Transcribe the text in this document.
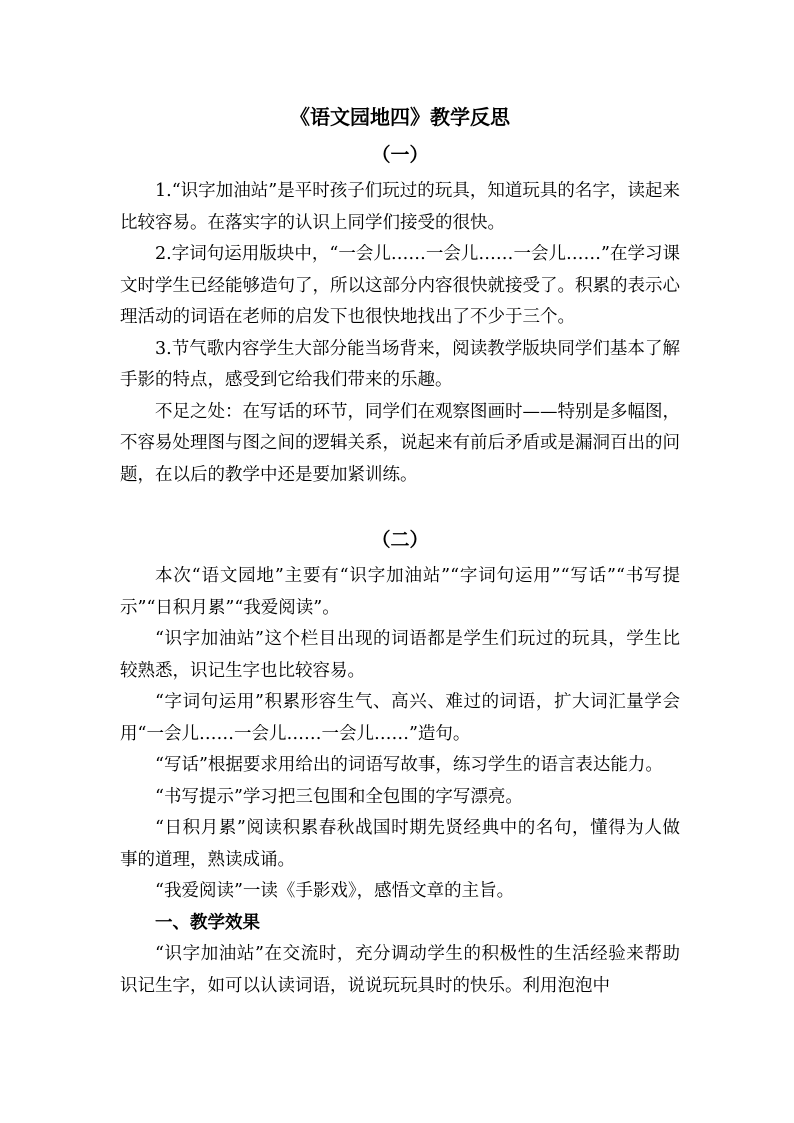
《语文园地四》教学反思
（一）

1.“识字加油站”是平时孩子们玩过的玩具，知道玩具的名字，读起来比较容易。在落实字的认识上同学们接受的很快。

2.字词句运用版块中，“一会儿……一会儿……一会儿……”在学习课文时学生已经能够造句了，所以这部分内容很快就接受了。积累的表示心理活动的词语在老师的启发下也很快地找出了不少于三个。

3.节气歌内容学生大部分能当场背来，阅读教学版块同学们基本了解手影的特点，感受到它给我们带来的乐趣。

不足之处：在写话的环节，同学们在观察图画时——特别是多幅图，不容易处理图与图之间的逻辑关系，说起来有前后矛盾或是漏洞百出的问题，在以后的教学中还是要加紧训练。

（二）

本次“语文园地”主要有“识字加油站”“字词句运用”“写话”“书写提示”“日积月累”“我爱阅读”。

“识字加油站”这个栏目出现的词语都是学生们玩过的玩具，学生比较熟悉，识记生字也比较容易。

“字词句运用”积累形容生气、高兴、难过的词语，扩大词汇量学会用“一会儿……一会儿……一会儿……”造句。

“写话”根据要求用给出的词语写故事，练习学生的语言表达能力。

“书写提示”学习把三包围和全包围的字写漂亮。

“日积月累”阅读积累春秋战国时期先贤经典中的名句，懂得为人做事的道理，熟读成诵。

“我爱阅读”一读《手影戏》，感悟文章的主旨。

一、教学效果

“识字加油站”在交流时，充分调动学生的积极性的生活经验来帮助识记生字，如可以认读词语，说说玩玩具时的快乐。利用泡泡中
